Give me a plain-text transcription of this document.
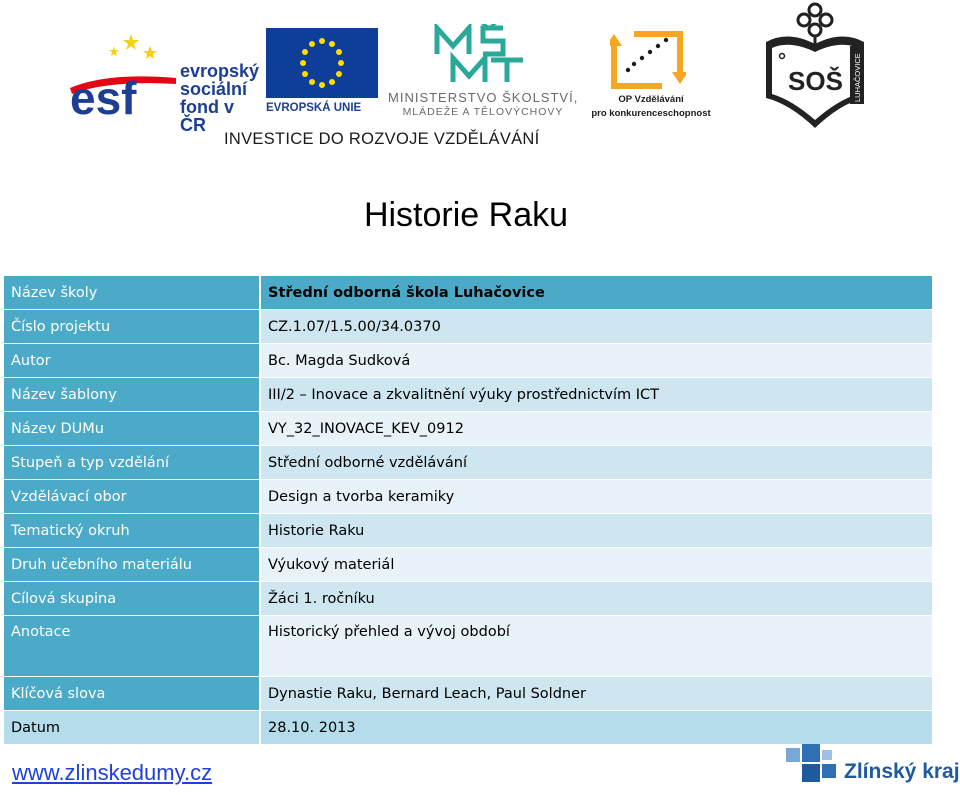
esf
evropský
sociální
fond v ČR
EVROPSKÁ UNIE
MINISTERSTVO ŠKOLSTVÍ,
MLÁDEŽE A TĚLOVÝCHOVY
OP Vzdělávání
pro konkurenceschopnost
SOŠ LUHAČOVICE
INVESTICE DO ROZVOJE VZDĚLÁVÁNÍ
Historie Raku
Název školy	Střední odborná škola Luhačovice
Číslo projektu	CZ.1.07/1.5.00/34.0370
Autor	Bc. Magda Sudková
Název šablony	III/2 – Inovace a zkvalitnění výuky prostřednictvím ICT
Název DUMu	VY_32_INOVACE_KEV_0912
Stupeň a typ vzdělání	Střední odborné vzdělávání
Vzdělávací obor	Design a tvorba keramiky
Tematický okruh	Historie Raku
Druh učebního materiálu	Výukový materiál
Cílová skupina	Žáci 1. ročníku
Anotace	Historický přehled a vývoj období
Klíčová slova	Dynastie Raku, Bernard Leach, Paul Soldner
Datum	28.10. 2013
www.zlinskedumy.cz	Zlínský kraj
